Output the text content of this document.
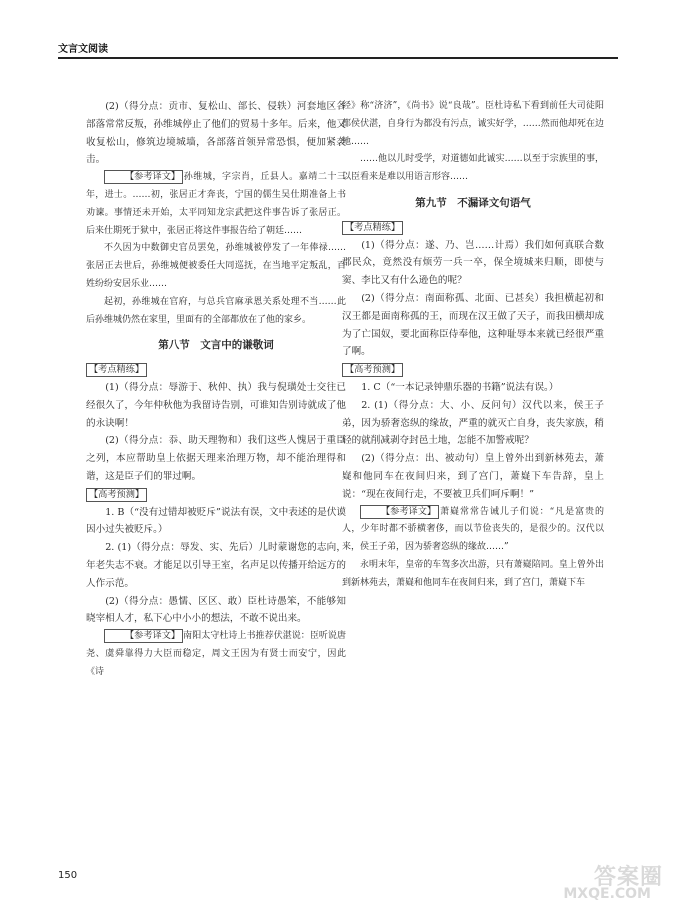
文言文阅读

(2)（得分点：贡市、复松山、部长、侵轶）河套地区各部落常常反叛，孙维城停止了他们的贸易十多年。后来，他又收复松山，修筑边境城墙，各部落首领异常恐惧，便加紧袭击。

【参考译文】 孙维城，字宗肖，丘县人。嘉靖二十三年，进士。……初，张居正才奔丧，宁国的儒生吴仕期准备上书劝谏。事情还未开始，太平同知龙宗武把这件事告诉了张居正。后来仕期死于狱中，张居正将这件事报告给了朝廷……

不久因为中数御史官员罢免，孙维城被停发了一年俸禄……张居正去世后，孙维城便被委任大同巡抚，在当地平定叛乱，百姓纷纷安居乐业……

起初，孙维城在官府，与总兵官麻承恩关系处理不当……此后孙维城仍然在家里，里面有的全部都放在了他的家乡。

第八节　文言中的谦敬词
【考点精练】

(1)（得分点：辱游于、秋仲、执）我与倪璜处士交往已经很久了，今年仲秋他为我留诗告别，可谁知告别诗就成了他的永诀啊！

(2)（得分点：忝、助天理物和）我们这些人愧居于重臣之列，本应帮助皇上依据天理来治理万物，却不能治理得和谐，这是臣子们的罪过啊。

【高考预测】

1. B（“没有过错却被贬斥”说法有误，文中表述的是伏谟因小过失被贬斥。）

2. (1)（得分点：辱发、实、先后）儿时蒙谢您的志向，年老失志不衰。才能足以引导王室，名声足以传播开给远方的人作示范。

(2)（得分点：愚懦、区区、敢）臣杜诗愚笨，不能够知晓宰相人才，私下心中小小的想法，不敢不说出来。

【参考译文】 南阳太守杜诗上书推荐伏湛说：臣听说唐尧、虞舜靠得力大臣而稳定，周文王因为有贤士而安宁，因此《诗

经》称“济济”，《尚书》说“良哉”。臣杜诗私下看到前任大司徒阳都侯伏湛，自身行为都没有污点，诚实好学，……然而他却死在边地……

……他以儿时受学，对道德如此诚实……以至于宗族里的事，以臣看来是难以用语言形容……

第九节　不漏译文句语气
【考点精练】

(1)（得分点：遂、乃、岂……计焉）我们如何真联合数郡民众，竟然没有烦劳一兵一卒，保全境城来归顺，即使与窦、李比又有什么逊色的呢？

(2)（得分点：南面称孤、北面、已甚矣）我担横起初和汉王都是面南称孤的王，而现在汉王做了天子，而我田横却成为了亡国奴，要北面称臣侍奉他，这种耻辱本来就已经很严重了啊。

【高考预测】

1. C（“一本记录钟鼎乐器的书籍”说法有误。）

2. (1)（得分点：大、小、反问句）汉代以来，侯王子弟，因为骄奢恣纵的缘故，严重的就灭亡自身，丧失家族，稍轻的就削减剥夺封邑土地，怎能不加警戒呢？

(2)（得分点：出、被动句）皇上曾外出到新林苑去，萧嶷和他同车在夜间归来，到了宫门，萧嶷下车告辞，皇上说：“现在夜间行走，不要被卫兵们呵斥啊！”

【参考译文】 萧嶷常常告诫儿子们说：“凡是富贵的人，少年时都不骄横奢侈，而以节俭丧失的，是很少的。汉代以来，侯王子弟，因为骄奢恣纵的缘故……”

永明末年，皇帝的车驾多次出游，只有萧嶷陪同。皇上曾外出到新林苑去，萧嶷和他同车在夜间归来，到了宫门，萧嶷下车

150	答案圈
MXQE.COM
